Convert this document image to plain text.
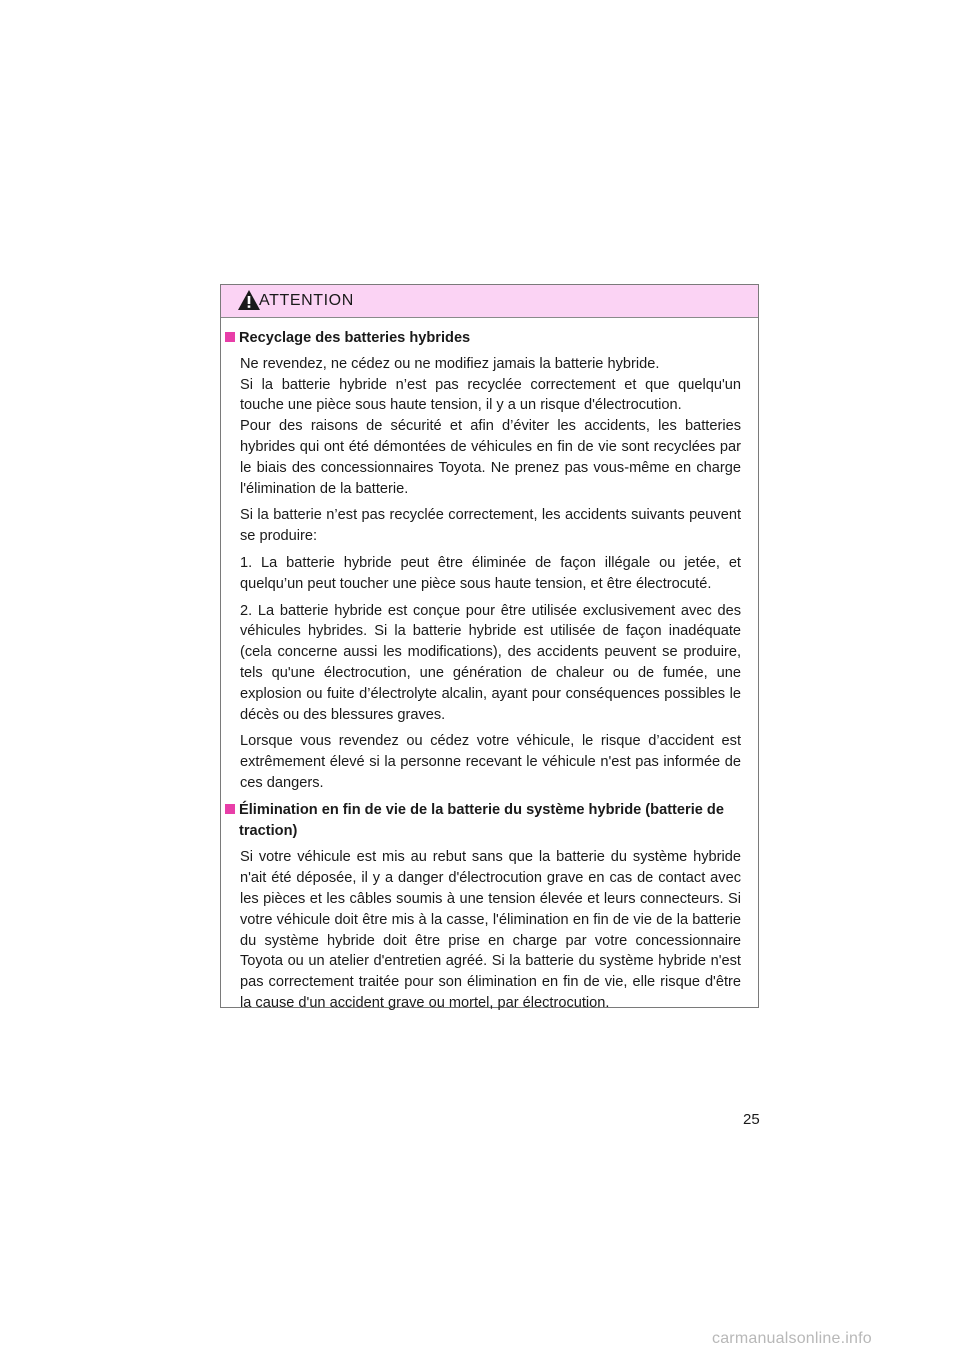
ATTENTION
Recyclage des batteries hybrides

Ne revendez, ne cédez ou ne modifiez jamais la batterie hybride.

Si la batterie hybride n’est pas recyclée correctement et que quelqu'un touche une pièce sous haute tension, il y a un risque d'électrocution.

Pour des raisons de sécurité et afin d’éviter les accidents, les batteries hybrides qui ont été démontées de véhicules en fin de vie sont recyclées par le biais des concessionnaires Toyota. Ne prenez pas vous-même en charge l'élimination de la batterie.

Si la batterie n’est pas recyclée correctement, les accidents suivants peuvent se produire:

1. La batterie hybride peut être éliminée de façon illégale ou jetée, et quelqu’un peut toucher une pièce sous haute tension, et être électrocuté.

2. La batterie hybride est conçue pour être utilisée exclusivement avec des véhicules hybrides. Si la batterie hybride est utilisée de façon inadéquate (cela concerne aussi les modifications), des accidents peuvent se produire, tels qu'une électrocution, une génération de chaleur ou de fumée, une explosion ou fuite d’électrolyte alcalin, ayant pour conséquences possibles le décès ou des blessures graves.

Lorsque vous revendez ou cédez votre véhicule, le risque d’accident est extrêmement élevé si la personne recevant le véhicule n'est pas informée de ces dangers.

Élimination en fin de vie de la batterie du système hybride (batterie de traction)

Si votre véhicule est mis au rebut sans que la batterie du système hybride n'ait été déposée, il y a danger d'électrocution grave en cas de contact avec les pièces et les câbles soumis à une tension élevée et leurs connecteurs. Si votre véhicule doit être mis à la casse, l'élimination en fin de vie de la batterie du système hybride doit être prise en charge par votre concessionnaire Toyota ou un atelier d'entretien agréé. Si la batterie du système hybride n'est pas correctement traitée pour son élimination en fin de vie, elle risque d'être la cause d'un accident grave ou mortel, par électrocution.

25
carmanualsonline.info
